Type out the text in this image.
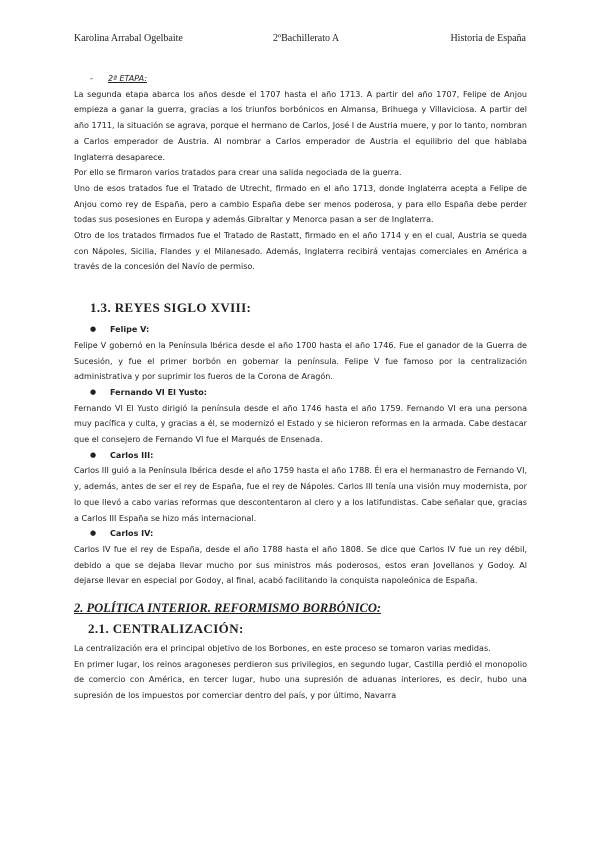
Karolina Arrabal Ogelbaite	2ºBachillerato A	Historia de España
- 2ª ETAPA:

La segunda etapa abarca los años desde el 1707 hasta el año 1713. A partir del año 1707, Felipe de Anjou empieza a ganar la guerra, gracias a los triunfos borbónicos en Almansa, Brihuega y Villaviciosa. A partir del año 1711, la situación se agrava, porque el hermano de Carlos, José I de Austria muere, y por lo tanto, nombran a Carlos emperador de Austria. Al nombrar a Carlos emperador de Austria el equilibrio del que hablaba Inglaterra desaparece.

Por ello se firmaron varios tratados para crear una salida negociada de la guerra.

Uno de esos tratados fue el Tratado de Utrecht, firmado en el año 1713, donde Inglaterra acepta a Felipe de Anjou como rey de España, pero a cambio España debe ser menos poderosa, y para ello España debe perder todas sus posesiones en Europa y además Gibraltar y Menorca pasan a ser de Inglaterra.

Otro de los tratados firmados fue el Tratado de Rastatt, firmado en el año 1714 y en el cual, Austria se queda con Nápoles, Sicilia, Flandes y el Milanesado. Además, Inglaterra recibirá ventajas comerciales en América a través de la concesión del Navío de permiso.

1.3. REYES SIGLO XVIII:
● Felipe V:

Felipe V gobernó en la Península Ibérica desde el año 1700 hasta el año 1746. Fue el ganador de la Guerra de Sucesión, y fue el primer borbón en gobernar la península. Felipe V fue famoso por la centralización administrativa y por suprimir los fueros de la Corona de Aragón.

● Fernando VI El Yusto:

Fernando VI El Yusto dirigió la península desde el año 1746 hasta el año 1759. Fernando VI era una persona muy pacífica y culta, y gracias a él, se modernizó el Estado y se hicieron reformas en la armada. Cabe destacar que el consejero de Fernando VI fue el Marqués de Ensenada.

● Carlos III:

Carlos III guió a la Península Ibérica desde el año 1759 hasta el año 1788. Él era el hermanastro de Fernando VI, y, además, antes de ser el rey de España, fue el rey de Nápoles. Carlos III tenía una visión muy modernista, por lo que llevó a cabo varias reformas que descontentaron al clero y a los latifundistas. Cabe señalar que, gracias a Carlos III España se hizo más internacional.

● Carlos IV:

Carlos IV fue el rey de España, desde el año 1788 hasta el año 1808. Se dice que Carlos IV fue un rey débil, debido a que se dejaba llevar mucho por sus ministros más poderosos, estos eran Jovellanos y Godoy. Al dejarse llevar en especial por Godoy, al final, acabó facilitando la conquista napoleónica de España.

2. POLÍTICA INTERIOR. REFORMISMO BORBÓNICO:
2.1. CENTRALIZACIÓN:

La centralización era el principal objetivo de los Borbones, en este proceso se tomaron varias medidas.

En primer lugar, los reinos aragoneses perdieron sus privilegios, en segundo lugar, Castilla perdió el monopolio de comercio con América, en tercer lugar, hubo una supresión de aduanas interiores, es decir, hubo una supresión de los impuestos por comerciar dentro del país, y por último, Navarra
